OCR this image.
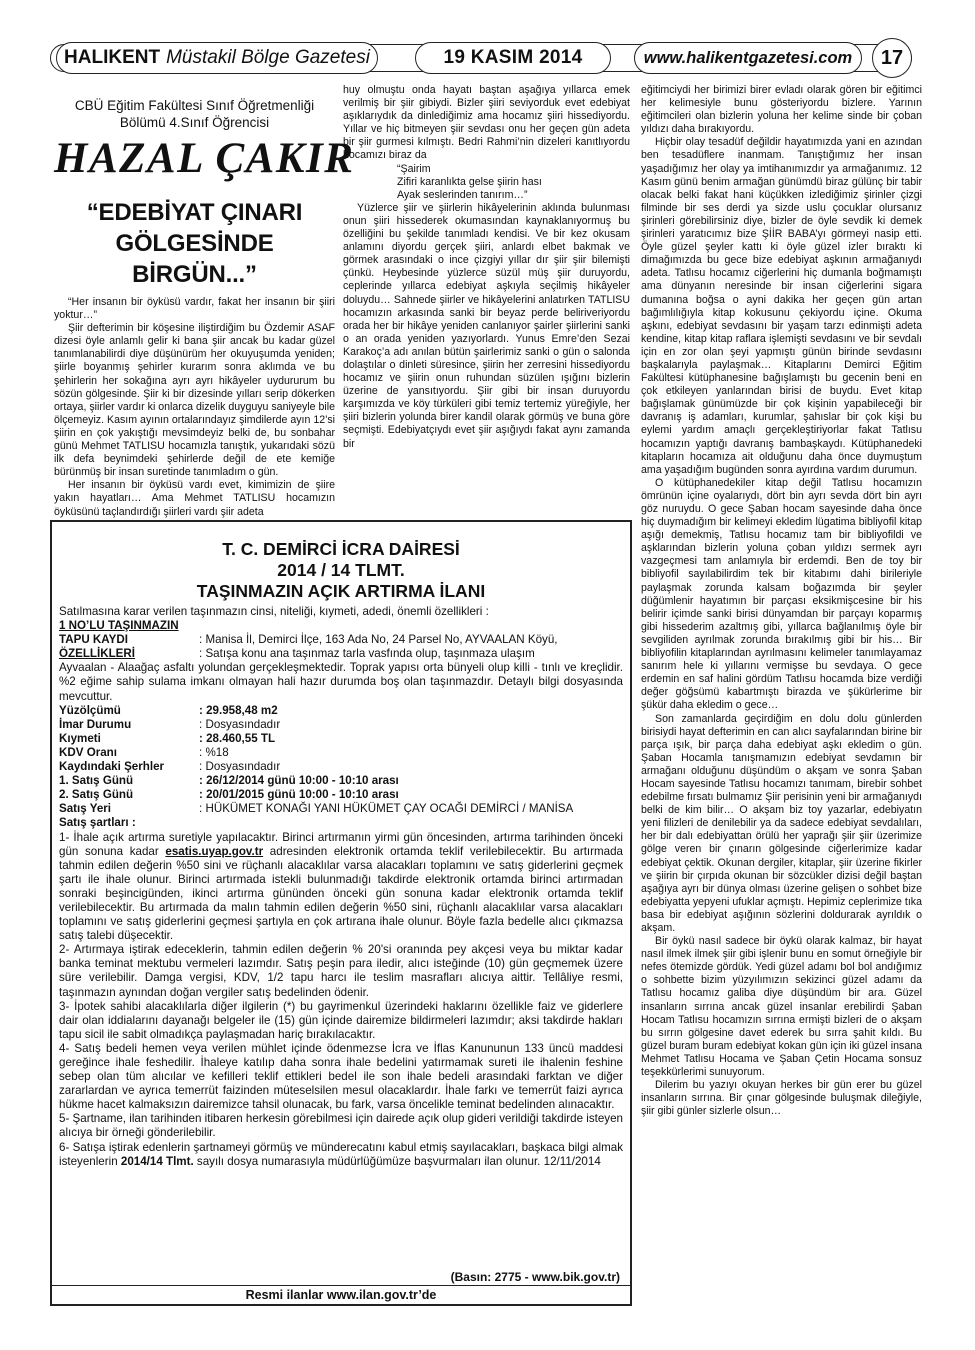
HALIKENT Müstakil Bölge Gazetesi	19 KASIM 2014	www.halikentgazetesi.com	17
CBÜ Eğitim Fakültesi Sınıf Öğretmenliği
Bölümü 4.Sınıf Öğrencisi
HAZAL ÇAKIR
“EDEBİYAT ÇINARI
GÖLGESİNDE BİRGÜN...”

“Her insanın bir öyküsü vardır, fakat her insanın bir şiiri yoktur…”

Şiir defterimin bir köşesine iliştirdiğim bu Özdemir ASAF dizesi öyle anlamlı gelir ki bana şiir ancak bu kadar güzel tanımlanabilirdi diye düşünürüm her okuyuşumda yeniden; şiirle boyanmış şehirler kurarım sonra aklımda ve bu şehirlerin her sokağına ayrı ayrı hikâyeler uydururum bu sözün gölgesinde. Şiir ki bir dizesinde yılları serip dökerken ortaya, şiirler vardır ki onlarca dizelik duyguyu saniyeyle bile ölçemeyiz. Kasım ayının ortalarındayız şimdilerde ayın 12’si şiirin en çok yakıştığı mevsimdeyiz belki de, bu sonbahar günü Mehmet TATLISU hocamızla tanıştık, yukarıdaki sözü ilk defa beynimdeki şehirlerde değil de ete kemiğe bürünmüş bir insan suretinde tanımladım o gün.

Her insanın bir öyküsü vardı evet, kimimizin de şiire yakın hayatları… Ama Mehmet TATLISU hocamızın öyküsünü taçlandırdığı şiirleri vardı şiir adeta

huy olmuştu onda hayatı baştan aşağıya yıllarca emek verilmiş bir şiir gibiydi. Bizler şiiri seviyorduk evet edebiyat aşıklarıydık da dinlediğimiz ama hocamız şiiri hissediyordu. Yıllar ve hiç bitmeyen şiir sevdası onu her geçen gün adeta bir şiir gurmesi kılmıştı. Bedri Rahmi’nin dizeleri kanıtlıyordu hocamızı biraz da

“Şairim

Zifiri karanlıkta gelse şiirin hası

Ayak seslerinden tanırım…”

Yüzlerce şiir ve şiirlerin hikâyelerinin aklında bulunması onun şiiri hissederek okumasından kaynaklanıyormuş bu özelliğini bu şekilde tanımladı kendisi. Ve bir kez okusam anlamını diyordu gerçek şiiri, anlardı elbet bakmak ve görmek arasındaki o ince çizgiyi yıllar dır şiir şiir bilemişti çünkü. Heybesinde yüzlerce süzül müş şiir duruyordu, ceplerinde yıllarca edebiyat aşkıyla seçilmiş hikâyeler doluydu… Sahnede şiirler ve hikâyelerini anlatırken TATLISU hocamızın arkasında sanki bir beyaz perde beliriveriyordu orada her bir hikâye yeniden canlanıyor şairler şiirlerini sanki o an orada yeniden yazıyorlardı. Yunus Emre’den Sezai Karakoç’a adı anılan bütün şairlerimiz sanki o gün o salonda dolaştılar o dinleti süresince, şiirin her zerresini hissediyordu hocamız ve şiirin onun ruhundan süzülen ışığını bizlerin üzerine de yansıtıyordu. Şiir gibi bir insan duruyordu karşımızda ve köy türküleri gibi temiz tertemiz yüreğiyle, her şiiri bizlerin yolunda birer kandil olarak görmüş ve buna göre seçmişti. Edebiyatçıydı evet şiir aşığıydı fakat aynı zamanda bir

eğitimciydi her birimizi birer evladı olarak gören bir eğitimci her kelimesiyle bunu gösteriyordu bizlere. Yarının eğitimcileri olan bizlerin yoluna her kelime sinde bir çoban yıldızı daha bırakıyordu.

Hiçbir olay tesadüf değildir hayatımızda yani en azından ben tesadüflere inanmam. Tanıştığımız her insan yaşadığımız her olay ya imtihanımızdır ya armağanımız. 12 Kasım günü benim armağan günümdü biraz gülünç bir tabir olacak belki fakat hani küçükken izlediğimiz şirinler çizgi filminde bir ses derdi ya sizde uslu çocuklar olursanız şirinleri görebilirsiniz diye, bizler de öyle sevdik ki demek şirinleri yaratıcımız bize ŞİİR BABA’yı görmeyi nasip etti. Öyle güzel şeyler kattı ki öyle güzel izler bıraktı ki dimağımızda bu gece bize edebiyat aşkının armağanıydı adeta. Tatlısu hocamız ciğerlerini hiç dumanla boğmamıştı ama dünyanın neresinde bir insan ciğerlerini sigara dumanına boğsa o ayni dakika her geçen gün artan bağımlılığıyla kitap kokusunu çekiyordu içine. Okuma aşkını, edebiyat sevdasını bir yaşam tarzı edinmişti adeta kendine, kitap kitap raflara işlemişti sevdasını ve bir sevdalı için en zor olan şeyi yapmıştı günün birinde sevdasını başkalarıyla paylaşmak… Kitaplarını Demirci Eğitim Fakültesi kütüphanesine bağışlamıştı bu gecenin beni en çok etkileyen yanlarından birisi de buydu. Evet kitap bağışlamak günümüzde bir çok kişinin yapabileceği bir davranış iş adamları, kurumlar, şahıslar bir çok kişi bu eylemi yardım amaçlı gerçekleştiriyorlar fakat Tatlısu hocamızın yaptığı davranış bambaşkaydı. Kütüphanedeki kitapların hocamıza ait olduğunu daha önce duymuştum ama yaşadığım bugünden sonra ayırdına vardım durumun.

O kütüphanedekiler kitap değil Tatlısu hocamızın ömrünün içine oyalarıydı, dört bin ayrı sevda dört bin ayrı göz nuruydu. O gece Şaban hocam sayesinde daha önce hiç duymadığım bir kelimeyi ekledim lügatima bibliyofil kitap aşığı demekmiş, Tatlısu hocamız tam bir bibliyofildi ve aşklarından bizlerin yoluna çoban yıldızı sermek ayrı vazgeçmesi tam anlamıyla bir erdemdi. Ben de toy bir bibliyofil sayılabilirdim tek bir kitabımı dahi birileriyle paylaşmak zorunda kalsam boğazımda bir şeyler düğümlenir hayatımın bir parçası eksikmişcesine bir his belirir içimde sanki birisi dünyamdan bir parçayı koparmış gibi hissederim azaltmış gibi, yıllarca bağlanılmış öyle bir sevgiliden ayrılmak zorunda bırakılmış gibi bir his… Bir bibliyofilin kitaplarından ayrılmasını kelimeler tanımlayamaz sanırım hele ki yıllarını vermişse bu sevdaya. O gece erdemin en saf halini gördüm Tatlısu hocamda bize verdiği değer göğsümü kabartmıştı birazda ve şükürlerime bir şükür daha ekledim o gece…

Son zamanlarda geçirdiğim en dolu dolu günlerden birisiydi hayat defterimin en can alıcı sayfalarından birine bir parça ışık, bir parça daha edebiyat aşkı ekledim o gün. Şaban Hocamla tanışmamızın edebiyat sevdamın bir armağanı olduğunu düşündüm o akşam ve sonra Şaban Hocam sayesinde Tatlısu hocamızı tanımam, birebir sohbet edebilme fırsatı bulmamız Şiir perisinin yeni bir armağanıydı belki de kim bilir… O akşam biz toy yazarlar, edebiyatın yeni filizleri de denilebilir ya da sadece edebiyat sevdalıları, her bir dalı edebiyattan örülü her yaprağı şiir şiir üzerimize gölge veren bir çınarın gölgesinde ciğerlerimize kadar edebiyat çektik. Okunan dergiler, kitaplar, şiir üzerine fikirler ve şiirin bir çırpıda okunan bir sözcükler dizisi değil baştan aşağıya ayrı bir dünya olması üzerine gelişen o sohbet bize edebiyatta yepyeni ufuklar açmıştı. Hepimiz ceplerimize tıka basa bir edebiyat aşığının sözlerini doldurarak ayrıldık o akşam.

Bir öykü nasıl sadece bir öykü olarak kalmaz, bir hayat nasıl ilmek ilmek şiir gibi işlenir bunu en somut örneğiyle bir nefes ötemizde gördük. Yedi güzel adamı bol bol andığımız o sohbette bizim yüzyılımızın sekizinci güzel adamı da Tatlısu hocamız galiba diye düşündüm bir ara. Güzel insanların sırrına ancak güzel insanlar erebilirdi Şaban Hocam Tatlısu hocamızın sırrına ermişti bizleri de o akşam bu sırrın gölgesine davet ederek bu sırra şahit kıldı. Bu güzel buram buram edebiyat kokan gün için iki güzel insana Mehmet Tatlısu Hocama ve Şaban Çetin Hocama sonsuz teşekkürlerimi sunuyorum.

Dilerim bu yazıyı okuyan herkes bir gün erer bu güzel insanların sırrına. Bir çınar gölgesinde buluşmak dileğiyle, şiir gibi günler sizlerle olsun…

T. C. DEMİRCİ İCRA DAİRESİ
2014 / 14 TLMT.
TAŞINMAZIN AÇIK ARTIRMA İLANI
Satılmasına karar verilen taşınmazın cinsi, niteliği, kıymeti, adedi, önemli özellikleri :
1 NO’LU TAŞINMAZIN
TAPU KAYDI	: Manisa İl, Demirci İlçe, 163 Ada No, 24 Parsel No, AYVAALAN Köyü,
ÖZELLİKLERİ	: Satışa konu ana taşınmaz tarla vasfında olup, taşınmaza ulaşım
Ayvaalan - Alaağaç asfaltı yolundan gerçekleşmektedir. Toprak yapısı orta bünyeli olup killi - tınlı ve kreçlidir. %2 eğime sahip sulama imkanı olmayan hali hazır durumda boş olan taşınmazdır. Detaylı bilgi dosyasında mevcuttur.
Yüzölçümü	: 29.958,48 m2
İmar Durumu	: Dosyasındadır
Kıymeti	: 28.460,55 TL
KDV Oranı	: %18
Kaydındaki Şerhler	: Dosyasındadır
1. Satış Günü	: 26/12/2014 günü 10:00 - 10:10 arası
2. Satış Günü	: 20/01/2015 günü 10:00 - 10:10 arası
Satış Yeri	: HÜKÜMET KONAĞI YANI HÜKÜMET ÇAY OCAĞI DEMİRCİ / MANİSA
Satış şartları :

1- İhale açık artırma suretiyle yapılacaktır. Birinci artırmanın yirmi gün öncesinden, artırma tarihinden önceki gün sonuna kadar esatis.uyap.gov.tr adresinden elektronik ortamda teklif verilebilecektir. Bu artırmada tahmin edilen değerin %50 sini ve rüçhanlı alacaklılar varsa alacakları toplamını ve satış giderlerini geçmek şartı ile ihale olunur. Birinci artırmada istekli bulunmadığı takdirde elektronik ortamda birinci artırmadan sonraki beşincigünden, ikinci artırma gününden önceki gün sonuna kadar elektronik ortamda teklif verilebilecektir. Bu artırmada da malın tahmin edilen değerin %50 sini, rüçhanlı alacaklılar varsa alacakları toplamını ve satış giderlerini geçmesi şartıyla en çok artırana ihale olunur. Böyle fazla bedelle alıcı çıkmazsa satış talebi düşecektir.

2- Artırmaya iştirak edeceklerin, tahmin edilen değerin % 20'si oranında pey akçesi veya bu miktar kadar banka teminat mektubu vermeleri lazımdır. Satış peşin para iledir, alıcı isteğinde (10) gün geçmemek üzere süre verilebilir. Damga vergisi, KDV, 1/2 tapu harcı ile teslim masrafları alıcıya aittir. Tellâliye resmi, taşınmazın aynından doğan vergiler satış bedelinden ödenir.

3- İpotek sahibi alacaklılarla diğer ilgilerin (*) bu gayrimenkul üzerindeki haklarını özellikle faiz ve giderlere dair olan iddialarını dayanağı belgeler ile (15) gün içinde dairemize bildirmeleri lazımdır; aksi takdirde hakları tapu sicil ile sabit olmadıkça paylaşmadan hariç bırakılacaktır.

4- Satış bedeli hemen veya verilen mühlet içinde ödenmezse İcra ve İflas Kanununun 133 üncü maddesi gereğince ihale feshedilir. İhaleye katılıp daha sonra ihale bedelini yatırmamak sureti ile ihalenin feshine sebep olan tüm alıcılar ve kefilleri teklif ettikleri bedel ile son ihale bedeli arasındaki farktan ve diğer zararlardan ve ayrıca temerrüt faizinden müteselsilen mesul olacaklardır. İhale farkı ve temerrüt faizi ayrıca hükme hacet kalmaksızın dairemizce tahsil olunacak, bu fark, varsa öncelikle teminat bedelinden alınacaktır.

5- Şartname, ilan tarihinden itibaren herkesin görebilmesi için dairede açık olup gideri verildiği takdirde isteyen alıcıya bir örneği gönderilebilir.

6- Satışa iştirak edenlerin şartnameyi görmüş ve münderecatını kabul etmiş sayılacakları, başkaca bilgi almak isteyenlerin 2014/14 Tlmt. sayılı dosya numarasıyla müdürlüğümüze başvurmaları ilan olunur. 12/11/2014

(Basın: 2775 - www.bik.gov.tr)
Resmi ilanlar www.ilan.gov.tr’de
